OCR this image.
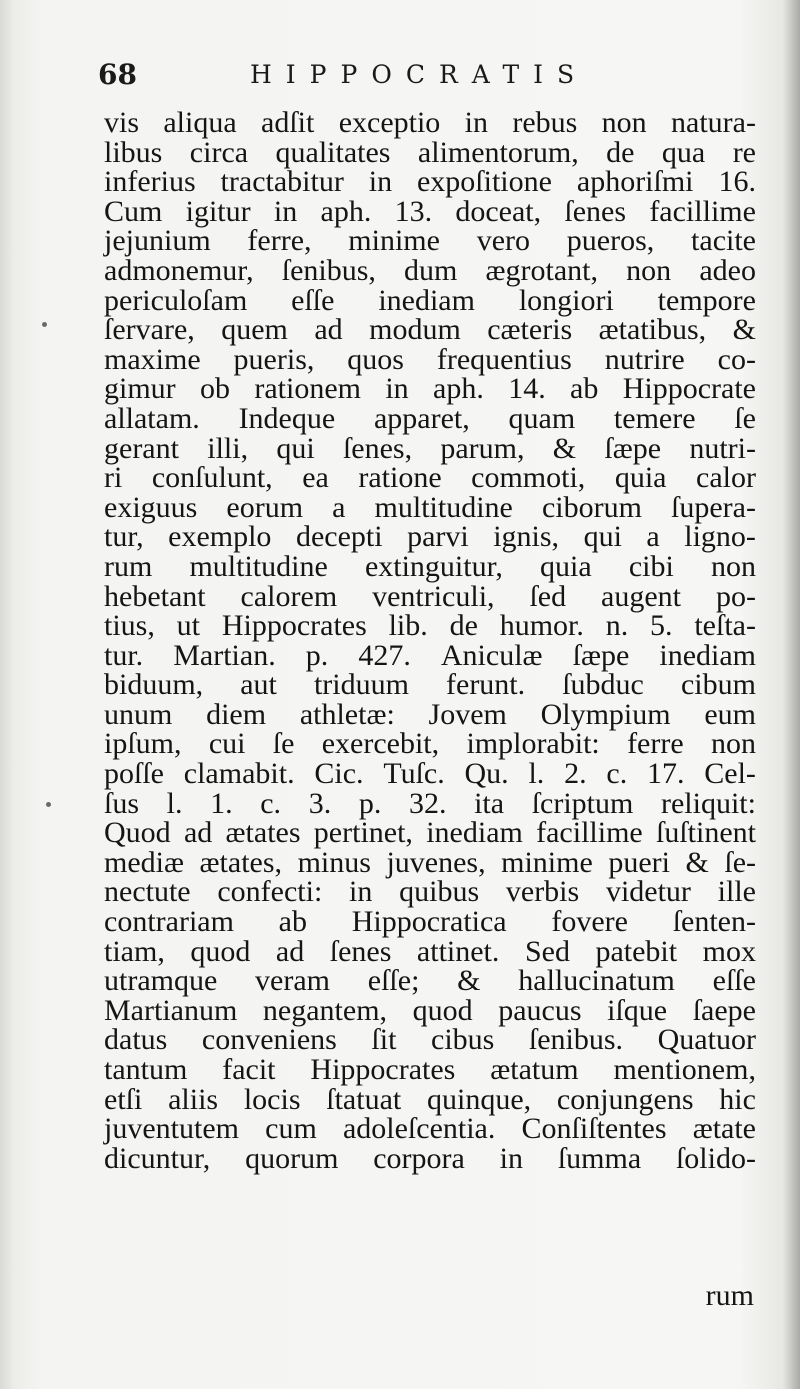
68	HIPPOCRATIS
vis aliqua adſit exceptio in rebus non natura-
libus circa qualitates alimentorum, de qua re
inferius tractabitur in expoſitione aphoriſmi 16.
Cum igitur in aph. 13. doceat, ſenes facillime
jejunium ferre, minime vero pueros, tacite
admonemur, ſenibus, dum ægrotant, non adeo
periculoſam eſſe inediam longiori tempore
ſervare, quem ad modum cæteris ætatibus, &
maxime pueris, quos frequentius nutrire co-
gimur ob rationem in aph. 14. ab Hippocrate
allatam. Indeque apparet, quam temere ſe
gerant illi, qui ſenes, parum, & ſæpe nutri-
ri conſulunt, ea ratione commoti, quia calor
exiguus eorum a multitudine ciborum ſupera-
tur, exemplo decepti parvi ignis, qui a ligno-
rum multitudine extinguitur, quia cibi non
hebetant calorem ventriculi, ſed augent po-
tius, ut Hippocrates lib. de humor. n. 5. teſta-
tur. Martian. p. 427. Aniculæ ſæpe inediam
biduum, aut triduum ferunt. ſubduc cibum
unum diem athletæ: Jovem Olympium eum
ipſum, cui ſe exercebit, implorabit: ferre non
poſſe clamabit. Cic. Tuſc. Qu. l. 2. c. 17. Cel-
ſus l. 1. c. 3. p. 32. ita ſcriptum reliquit:
Quod ad ætates pertinet, inediam facillime ſuſtinent
mediæ ætates, minus juvenes, minime pueri & ſe-
nectute confecti: in quibus verbis videtur ille
contrariam ab Hippocratica fovere ſenten-
tiam, quod ad ſenes attinet. Sed patebit mox
utramque veram eſſe; & hallucinatum eſſe
Martianum negantem, quod paucus iſque ſaepe
datus conveniens ſit cibus ſenibus. Quatuor
tantum facit Hippocrates ætatum mentionem,
etſi aliis locis ſtatuat quinque, conjungens hic
juventutem cum adoleſcentia. Conſiſtentes ætate
dicuntur, quorum corpora in ſumma ſolido-
rum
